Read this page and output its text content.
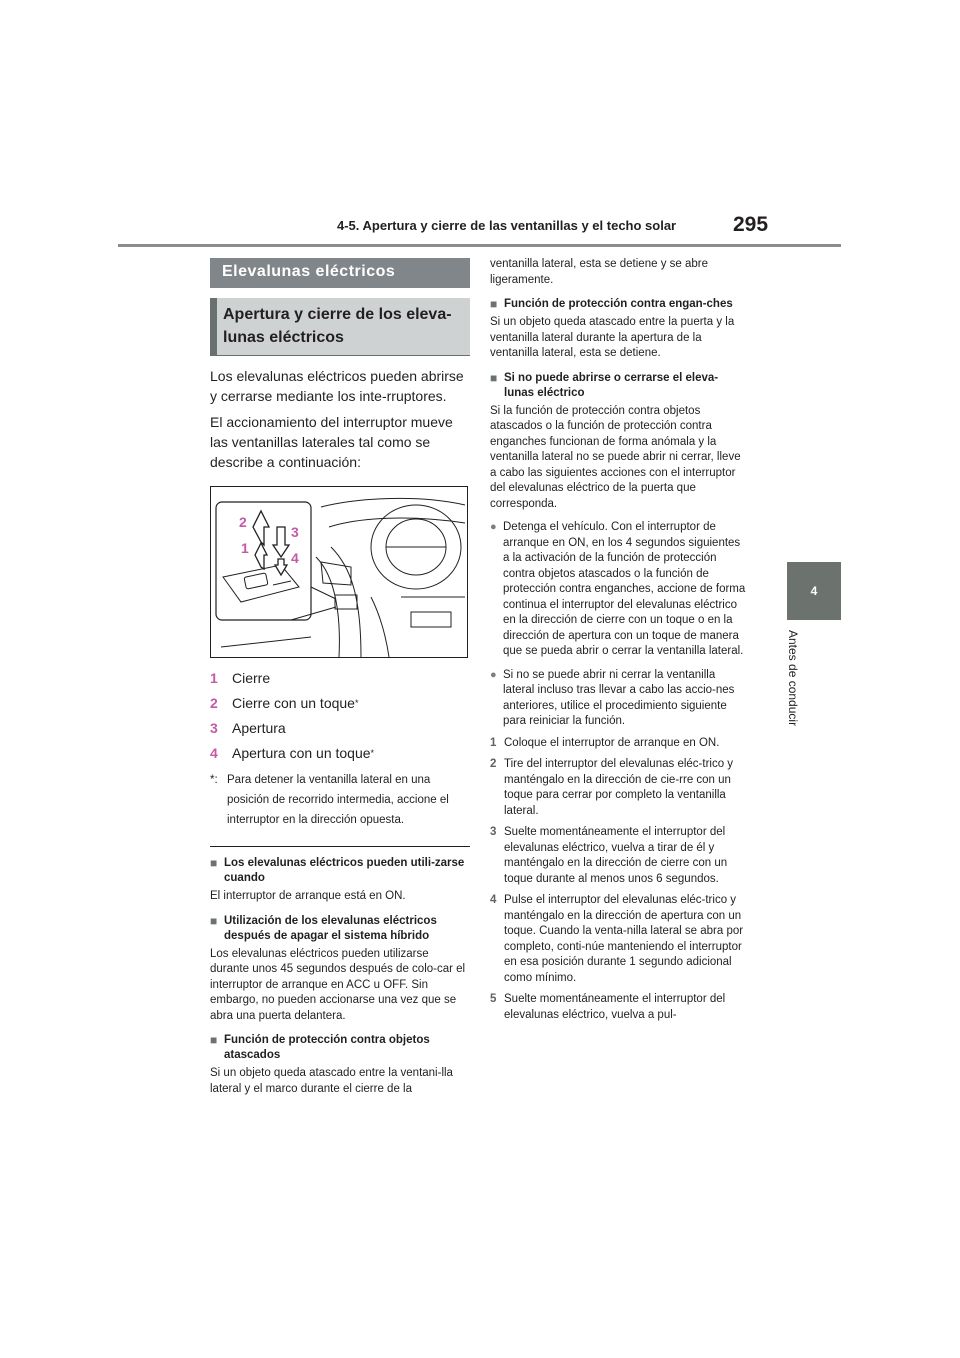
4-5. Apertura y cierre de las ventanillas y el techo solar	295
4
Antes de conducir
Elevalunas eléctricos
Apertura y cierre de los eleva-
lunas eléctricos

Los elevalunas eléctricos pueden abrirse y cerrarse mediante los inte-rruptores.

El accionamiento del interruptor mueve las ventanillas laterales tal como se describe a continuación:

2
1
3
4
1	Cierre
2	Cierre con un toque *
3	Apertura
4	Apertura con un toque *
*: Para detener la ventanilla lateral en una posición de recorrido intermedia, accione el interruptor en la dirección opuesta.
■ Los elevalunas eléctricos pueden utili-zarse cuando
El interruptor de arranque está en ON.
■ Utilización de los elevalunas eléctricos después de apagar el sistema híbrido
Los elevalunas eléctricos pueden utilizarse durante unos 45 segundos después de colo-car el interruptor de arranque en ACC u OFF. Sin embargo, no pueden accionarse una vez que se abra una puerta delantera.
■ Función de protección contra objetos atascados
Si un objeto queda atascado entre la ventani-lla lateral y el marco durante el cierre de la
ventanilla lateral, esta se detiene y se abre ligeramente.
■ Función de protección contra engan-ches
Si un objeto queda atascado entre la puerta y la ventanilla lateral durante la apertura de la ventanilla lateral, esta se detiene.
■ Si no puede abrirse o cerrarse el eleva-lunas eléctrico
Si la función de protección contra objetos atascados o la función de protección contra enganches funcionan de forma anómala y la ventanilla lateral no se puede abrir ni cerrar, lleve a cabo las siguientes acciones con el interruptor del elevalunas eléctrico de la puerta que corresponda.
● Detenga el vehículo. Con el interruptor de arranque en ON, en los 4 segundos siguientes a la activación de la función de protección contra objetos atascados o la función de protección contra enganches, accione de forma continua el interruptor del elevalunas eléctrico en la dirección de cierre con un toque o en la dirección de apertura con un toque de manera que se pueda abrir o cerrar la ventanilla lateral.
● Si no se puede abrir ni cerrar la ventanilla lateral incluso tras llevar a cabo las accio-nes anteriores, utilice el procedimiento siguiente para reiniciar la función.
1 Coloque el interruptor de arranque en ON.
2 Tire del interruptor del elevalunas eléc-trico y manténgalo en la dirección de cie-rre con un toque para cerrar por completo la ventanilla lateral.
3 Suelte momentáneamente el interruptor del elevalunas eléctrico, vuelva a tirar de él y manténgalo en la dirección de cierre con un toque durante al menos unos 6 segundos.
4 Pulse el interruptor del elevalunas eléc-trico y manténgalo en la dirección de apertura con un toque. Cuando la venta-nilla lateral se abra por completo, conti-núe manteniendo el interruptor en esa posición durante 1 segundo adicional como mínimo.
5 Suelte momentáneamente el interruptor del elevalunas eléctrico, vuelva a pul-
